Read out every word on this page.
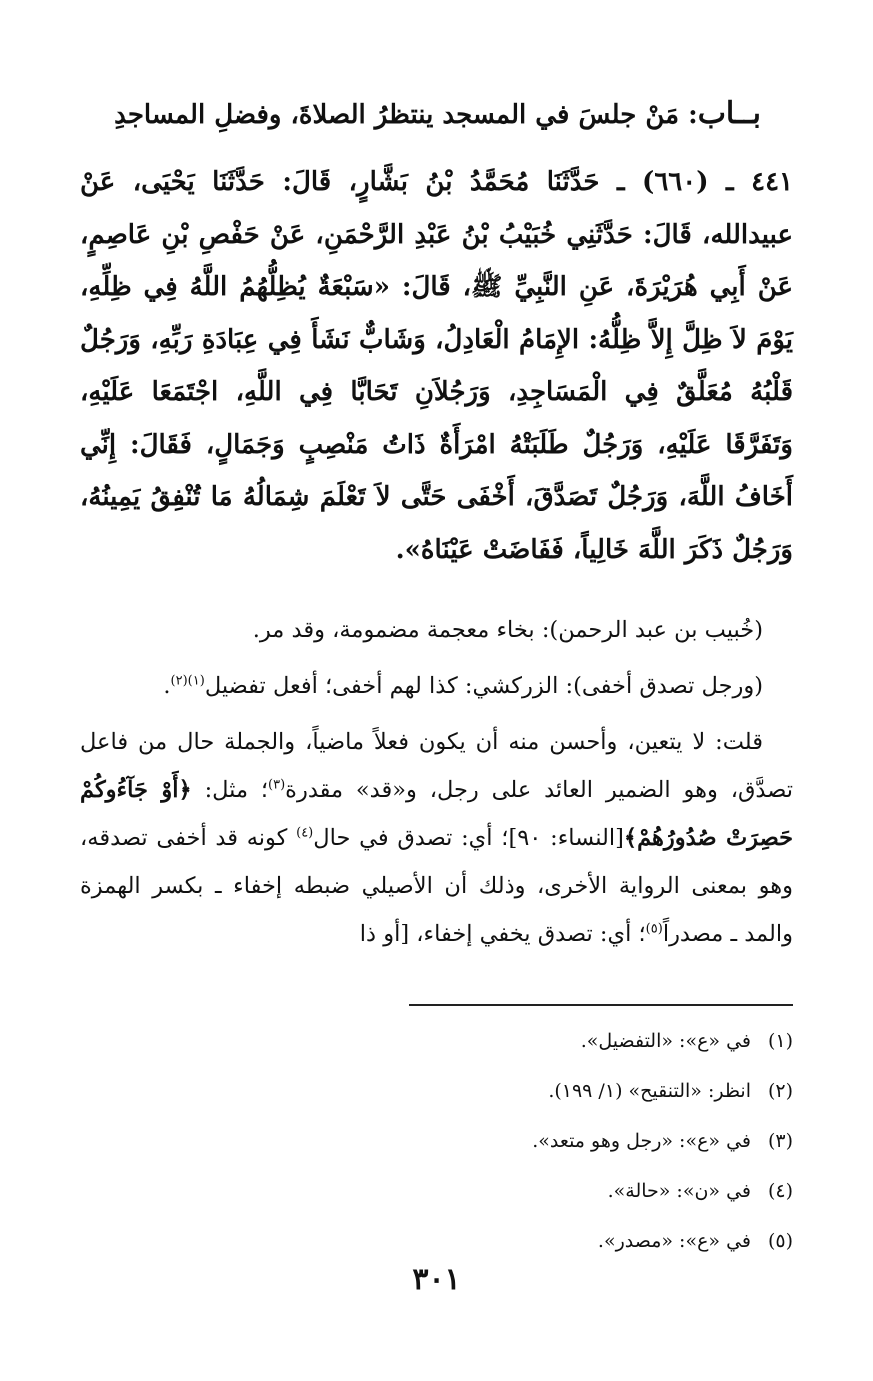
بــاب: مَنْ جلسَ في المسجد ينتظرُ الصلاةَ، وفضلِ المساجدِ
٤٤١ ـ (٦٦٠) ـ حَدَّثَنَا مُحَمَّدُ بْنُ بَشَّارٍ، قَالَ: حَدَّثَنَا يَحْيَى، عَنْ عبيدالله، قَالَ: حَدَّثَنِي خُبَيْبُ بْنُ عَبْدِ الرَّحْمَنِ، عَنْ حَفْصِ بْنِ عَاصِمٍ، عَنْ أَبِي هُرَيْرَةَ، عَنِ النَّبِيِّ ﷺ، قَالَ: «سَبْعَةٌ يُظِلُّهُمُ اللَّهُ فِي ظِلِّهِ، يَوْمَ لاَ ظِلَّ إِلاَّ ظِلُّهُ: الإِمَامُ الْعَادِلُ، وَشَابٌّ نَشَأَ فِي عِبَادَةِ رَبِّهِ، وَرَجُلٌ قَلْبُهُ مُعَلَّقٌ فِي الْمَسَاجِدِ، وَرَجُلاَنِ تَحَابَّا فِي اللَّهِ، اجْتَمَعَا عَلَيْهِ، وَتَفَرَّقَا عَلَيْهِ، وَرَجُلٌ طَلَبَتْهُ امْرَأَةٌ ذَاتُ مَنْصِبٍ وَجَمَالٍ، فَقَالَ: إِنِّي أَخَافُ اللَّهَ، وَرَجُلٌ تَصَدَّقَ، أَخْفَى حَتَّى لاَ تَعْلَمَ شِمَالُهُ مَا تُنْفِقُ يَمِينُهُ، وَرَجُلٌ ذَكَرَ اللَّهَ خَالِياً، فَفَاضَتْ عَيْنَاهُ».

(خُبيب بن عبد الرحمن): بخاء معجمة مضمومة، وقد مر.

(ورجل تصدق أخفى): الزركشي: كذا لهم أخفى؛ أفعل تفضيل$^{(١)(٢)}$.

قلت: لا يتعين، وأحسن منه أن يكون فعلاً ماضياً، والجملة حال من فاعل تصدَّق، وهو الضمير العائد على رجل، و«قد» مقدرة$^{(٣)}$؛ مثل: ﴿أَوْ جَآءُوكُمْ حَصِرَتْ صُدُورُهُمْ﴾[النساء: ٩٠]؛ أي: تصدق في حال$^{(٤)}$ كونه قد أخفى تصدقه، وهو بمعنى الرواية الأخرى، وذلك أن الأصيلي ضبطه إخفاء ـ بكسر الهمزة والمد ـ مصدراً$^{(٥)}$؛ أي: تصدق يخفي إخفاء، [أو ذا

(١)
في «ع»: «التفضيل».
(٢)
انظر: «التنقيح» (١/ ١٩٩).
(٣)
في «ع»: «رجل وهو متعد».
(٤)
في «ن»: «حالة».
(٥)
في «ع»: «مصدر».
٣٠١
